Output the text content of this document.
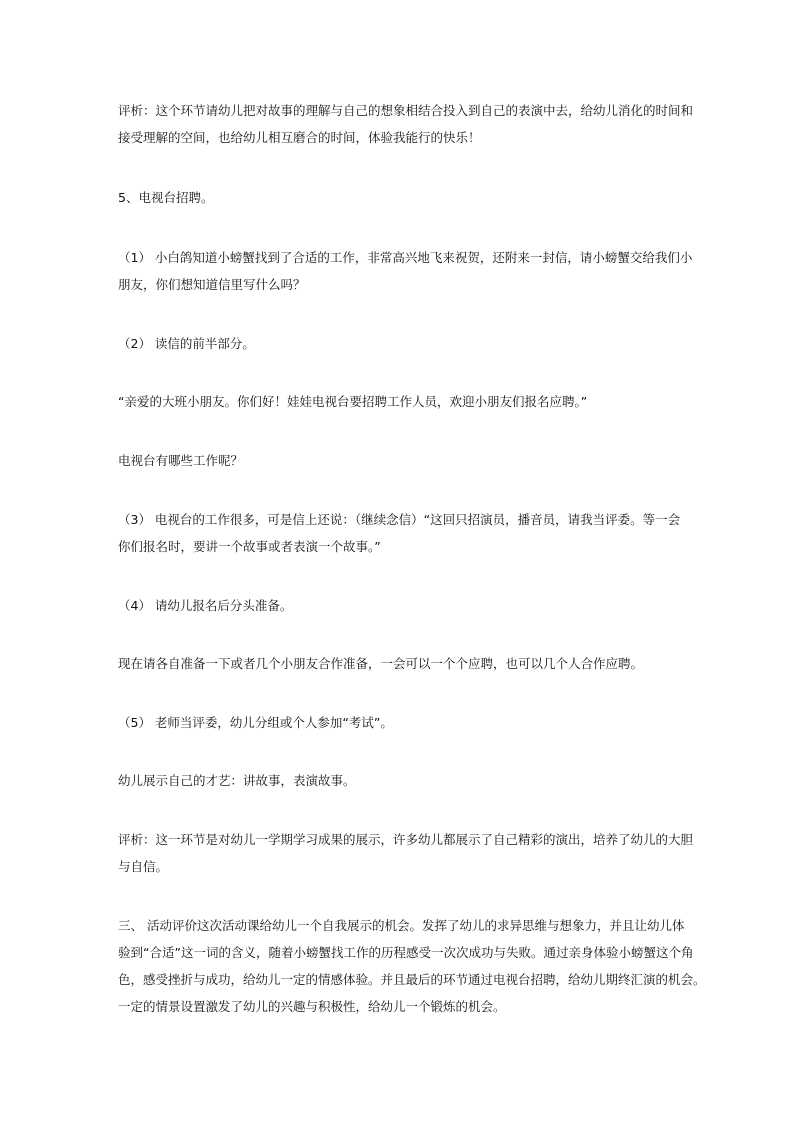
评析：这个环节请幼儿把对故事的理解与自己的想象相结合投入到自己的表演中去，给幼儿消化的时间和
接受理解的空间，也给幼儿相互磨合的时间，体验我能行的快乐！
5、电视台招聘。
（1） 小白鸽知道小螃蟹找到了合适的工作，非常高兴地飞来祝贺，还附来一封信，请小螃蟹交给我们小
朋友，你们想知道信里写什么吗？
（2） 读信的前半部分。
“亲爱的大班小朋友。你们好！娃娃电视台要招聘工作人员，欢迎小朋友们报名应聘。”
电视台有哪些工作呢？
（3） 电视台的工作很多，可是信上还说：（继续念信）“这回只招演员，播音员，请我当评委。等一会
你们报名时，要讲一个故事或者表演一个故事。”
（4） 请幼儿报名后分头准备。
现在请各自准备一下或者几个小朋友合作准备，一会可以一个个应聘，也可以几个人合作应聘。
（5） 老师当评委，幼儿分组或个人参加“考试”。
幼儿展示自己的才艺：讲故事，表演故事。
评析：这一环节是对幼儿一学期学习成果的展示，许多幼儿都展示了自己精彩的演出，培养了幼儿的大胆
与自信。
三、 活动评价这次活动课给幼儿一个自我展示的机会。发挥了幼儿的求异思维与想象力，并且让幼儿体
验到“合适”这一词的含义，随着小螃蟹找工作的历程感受一次次成功与失败。通过亲身体验小螃蟹这个角
色，感受挫折与成功，给幼儿一定的情感体验。并且最后的环节通过电视台招聘，给幼儿期终汇演的机会。
一定的情景设置激发了幼儿的兴趣与积极性，给幼儿一个锻炼的机会。
